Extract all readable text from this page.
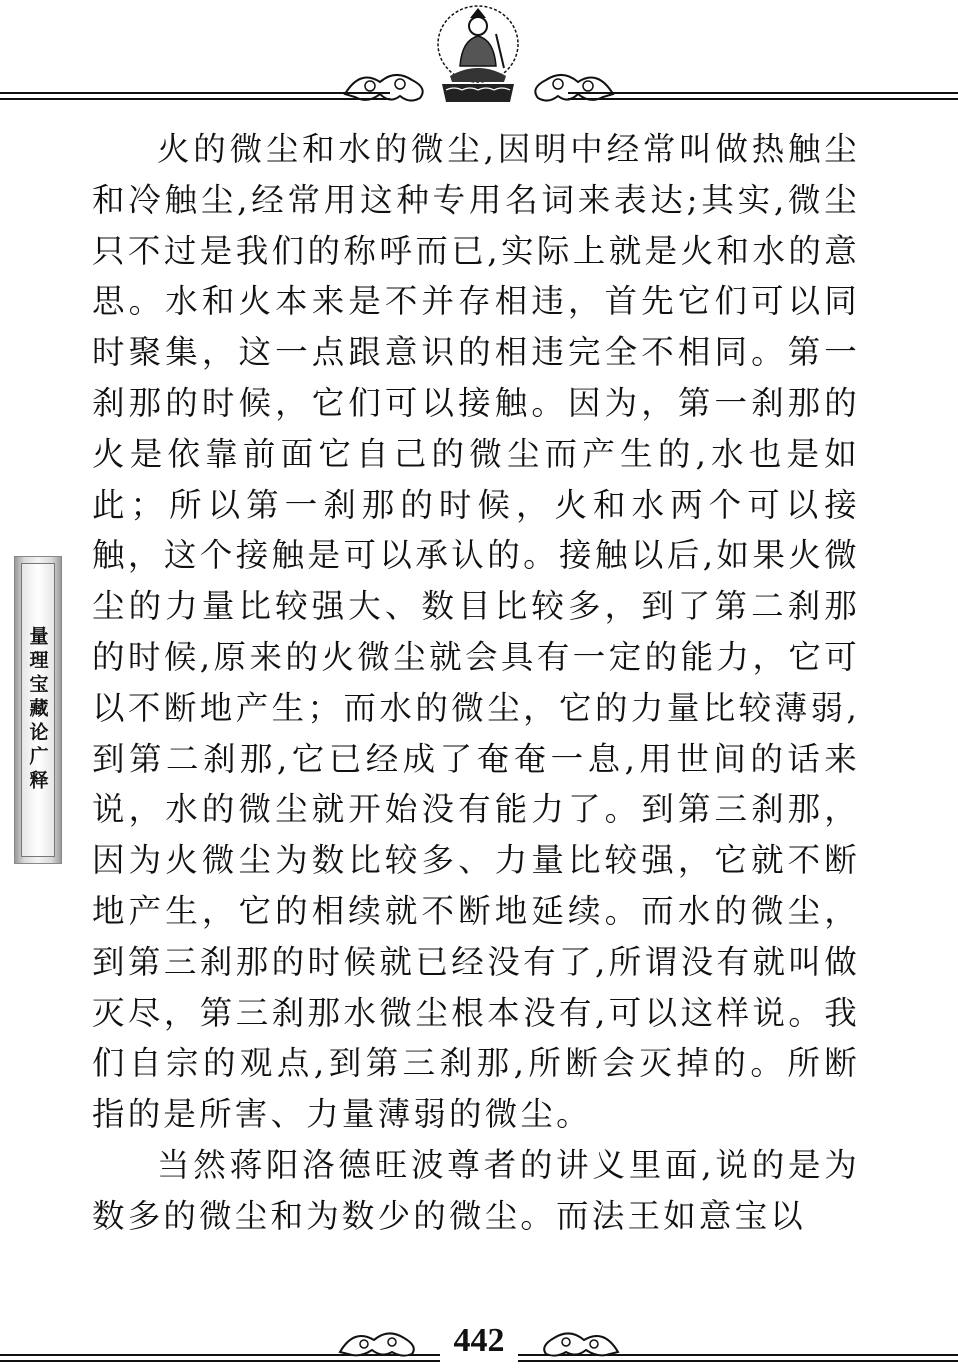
量理宝藏论广释

火的微尘和水的微尘,因明中经常叫做热触尘和冷触尘,经常用这种专用名词来表达;其实,微尘只不过是我们的称呼而已,实际上就是火和水的意思。水和火本来是不并存相违，首先它们可以同时聚集，这一点跟意识的相违完全不相同。第一刹那的时候，它们可以接触。因为，第一刹那的火是依靠前面它自己的微尘而产生的,水也是如此；所以第一刹那的时候，火和水两个可以接触，这个接触是可以承认的。接触以后,如果火微尘的力量比较强大、数目比较多，到了第二刹那的时候,原来的火微尘就会具有一定的能力，它可以不断地产生；而水的微尘，它的力量比较薄弱,到第二刹那,它已经成了奄奄一息,用世间的话来说，水的微尘就开始没有能力了。到第三刹那，因为火微尘为数比较多、力量比较强，它就不断地产生，它的相续就不断地延续。而水的微尘，到第三刹那的时候就已经没有了,所谓没有就叫做灭尽，第三刹那水微尘根本没有,可以这样说。我们自宗的观点,到第三刹那,所断会灭掉的。所断指的是所害、力量薄弱的微尘。

当然蒋阳洛德旺波尊者的讲义里面,说的是为数多的微尘和为数少的微尘。而法王如意宝以

442
